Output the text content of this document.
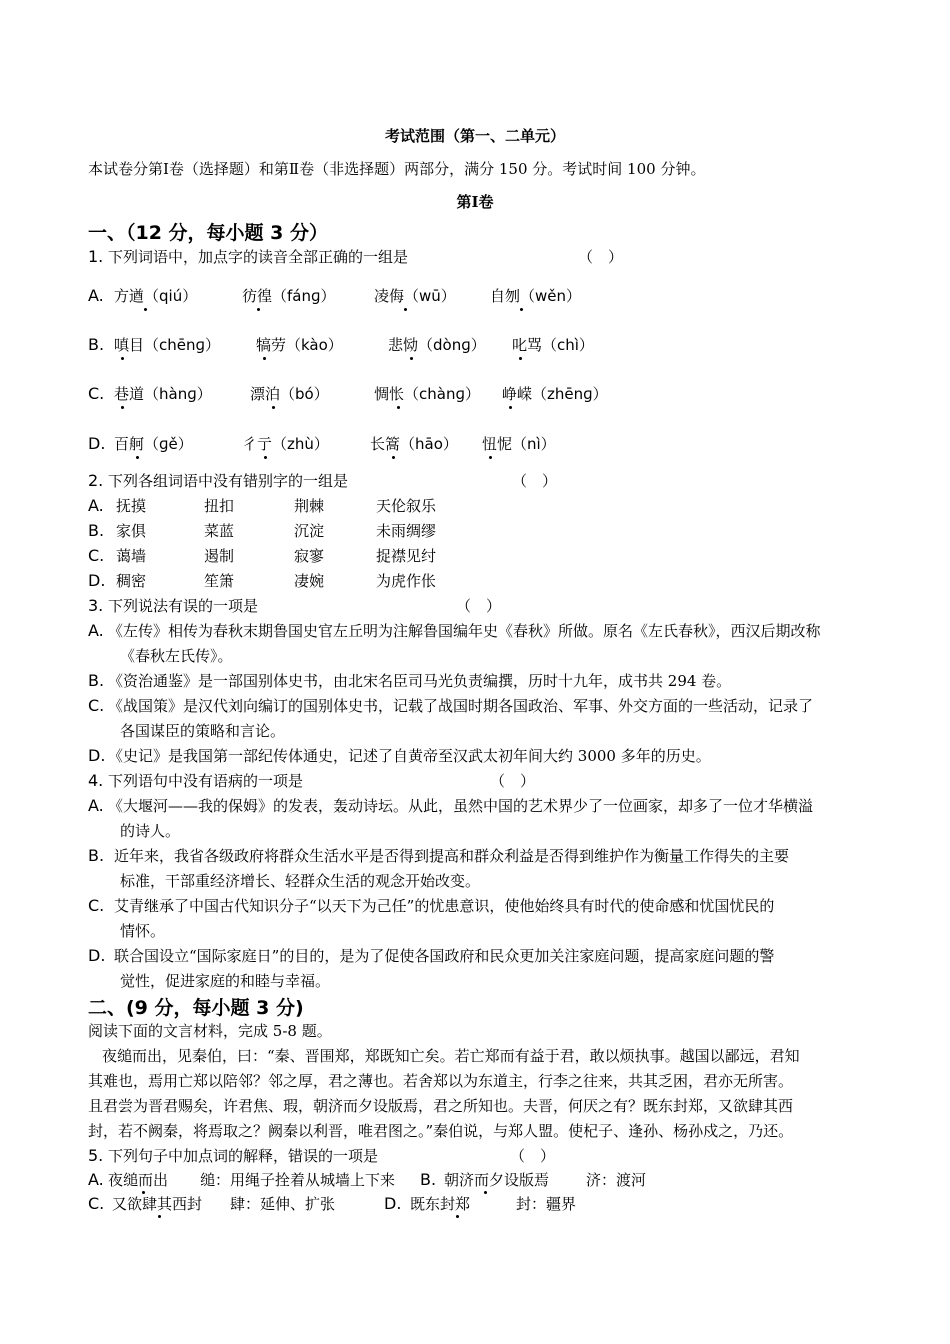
考试范围（第一、二单元）
本试卷分第Ⅰ卷（选择题）和第Ⅱ卷（非选择题）两部分，满分 150 分。考试时间 100 分钟。
第Ⅰ卷
一、（12 分，每小题 3 分）
1. 下列词语中，加点字的读音全部正确的一组是	（　）
A. 方遒（qiú）	彷徨（fánɡ）	凌侮（wū） 自刎（wěn）
B. 嗔目（chēnɡ） 犒劳（kào）	悲恸（dònɡ） 叱骂（chì）
C. 巷道（hànɡ）	漂泊（bó）	惆怅（chànɡ） 峥嵘（zhēnɡ）
D. 百舸（ɡě）	彳亍（zhù）	长篙（hāo） 忸怩（nì）
2. 下列各组词语中没有错别字的一组是	（　）
A. 抚摸	扭扣	荆棘	天伦叙乐
B. 家俱	菜蓝	沉淀	未雨绸缪
C. 蔼墙	遏制	寂寥	捉襟见纣
D. 稠密	笙箫	凄婉	为虎作伥
3. 下列说法有误的一项是	（　）
A. 《左传》相传为春秋末期鲁国史官左丘明为注解鲁国编年史《春秋》所做。原名《左氏春秋》，西汉后期改称
《春秋左氏传》。
B. 《资治通鉴》是一部国别体史书，由北宋名臣司马光负责编撰，历时十九年，成书共 294 卷。
C. 《战国策》是汉代刘向编订的国别体史书，记载了战国时期各国政治、军事、外交方面的一些活动，记录了
各国谋臣的策略和言论。
D. 《史记》是我国第一部纪传体通史，记述了自黄帝至汉武太初年间大约 3000 多年的历史。
4. 下列语句中没有语病的一项是	（　）
A. 《大堰河——我的保姆》的发表，轰动诗坛。从此，虽然中国的艺术界少了一位画家，却多了一位才华横溢
的诗人。
B. 近年来，我省各级政府将群众生活水平是否得到提高和群众利益是否得到维护作为衡量工作得失的主要
标准，干部重经济增长、轻群众生活的观念开始改变。
C. 艾青继承了中国古代知识分子“以天下为己任”的忧患意识，使他始终具有时代的使命感和忧国忧民的
情怀。
D. 联合国设立“国际家庭日”的目的，是为了促使各国政府和民众更加关注家庭问题，提高家庭问题的警
觉性，促进家庭的和睦与幸福。
二、(9 分，每小题 3 分)
阅读下面的文言材料，完成 5-8 题。
夜缒而出，见秦伯，曰：“秦、晋围郑，郑既知亡矣。若亡郑而有益于君，敢以烦执事。越国以鄙远，君知
其难也，焉用亡郑以陪邻？邻之厚，君之薄也。若舍郑以为东道主，行李之往来，共其乏困，君亦无所害。
且君尝为晋君赐矣，许君焦、瑕，朝济而夕设版焉，君之所知也。夫晋，何厌之有？既东封郑，又欲肆其西
封，若不阙秦，将焉取之？阙秦以利晋，唯君图之。”秦伯说，与郑人盟。使杞子、逢孙、杨孙戍之，乃还。
5. 下列句子中加点词的解释，错误的一项是	（　）
A. 夜缒而出 缒：用绳子拴着从城墙上下来 B. 朝济而夕设版焉 济：渡河
C. 又欲肆其西封 肆：延伸、扩张	D. 既东封郑	封：疆界
